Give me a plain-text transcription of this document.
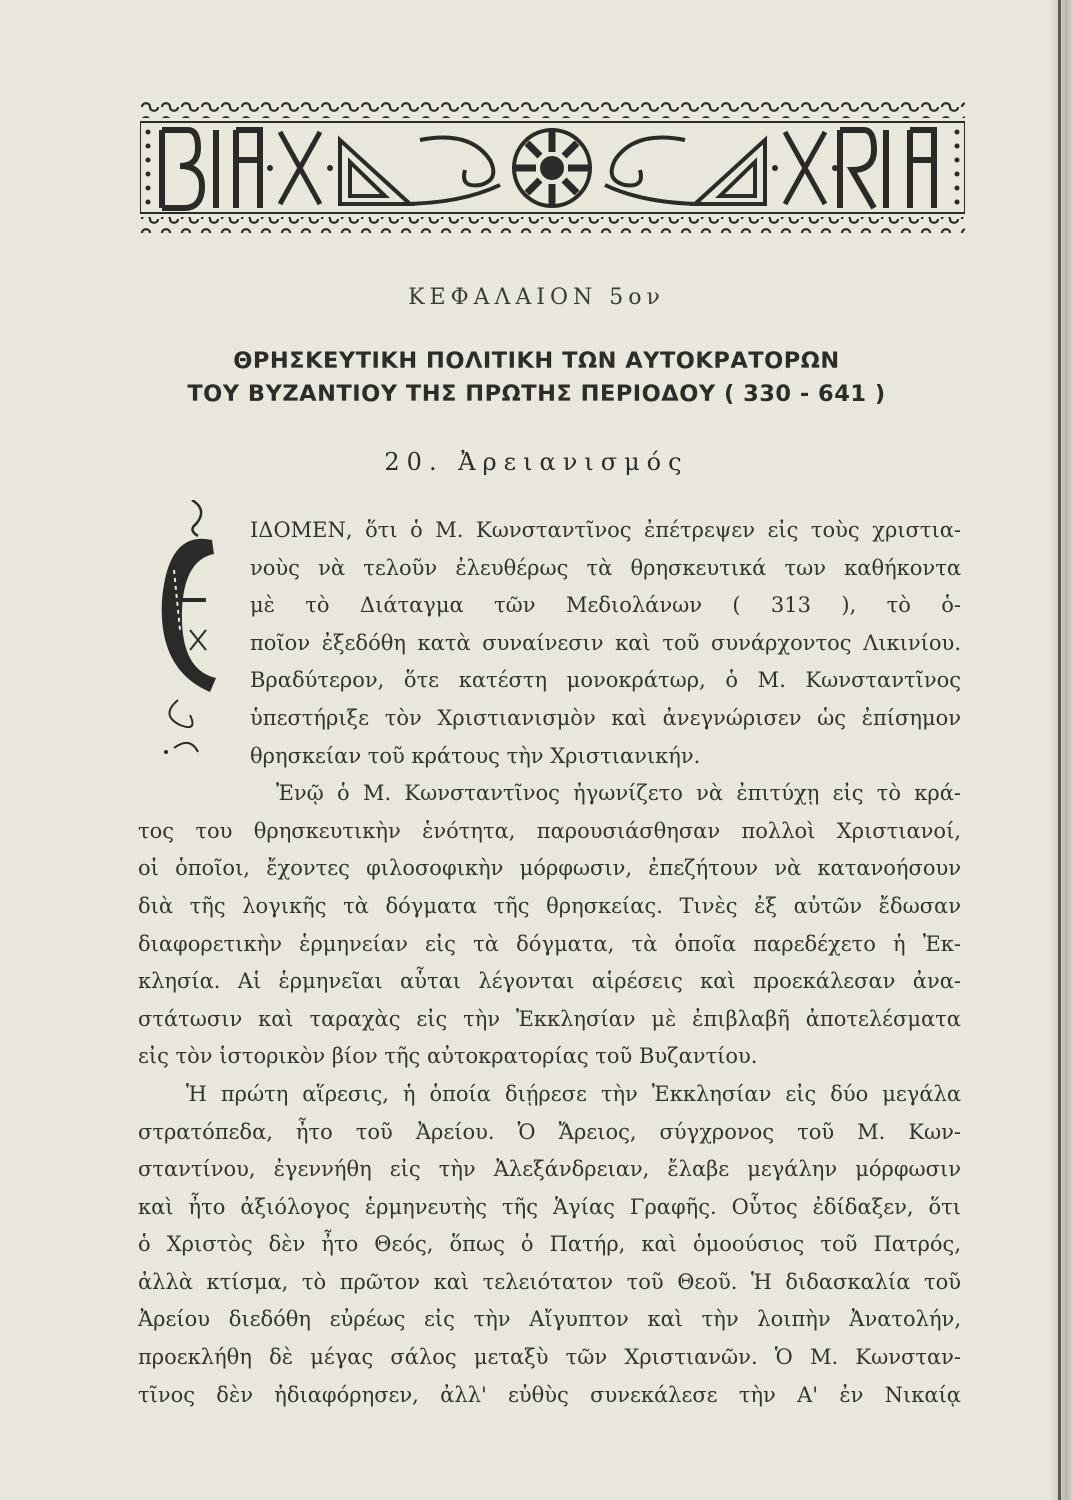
ΚΕΦΑΛΑΙΟΝ 5ον
ΘΡΗΣΚΕΥΤΙΚΗ ΠΟΛΙΤΙΚΗ ΤΩΝ ΑΥΤΟΚΡΑΤΟΡΩΝ
ΤΟΥ ΒΥΖΑΝΤΙΟΥ ΤΗΣ ΠΡΩΤΗΣ ΠΕΡΙΟΔΟΥ ( 330 - 641 )
20. Ἀρειανισμός
ΙΔΟΜΕΝ, ὅτι ὁ Μ. Κωνσταντῖνος ἐπέτρεψεν εἰς τοὺς χριστια-
νοὺς νὰ τελοῦν ἐλευθέρως τὰ θρησκευτικά των καθήκοντα
μὲ τὸ Διάταγμα τῶν Μεδιολάνων ( 313 ), τὸ ὁ-
ποῖον ἐξεδόθη κατὰ συναίνεσιν καὶ τοῦ συνάρχοντος Λικινίου.
Βραδύτερον, ὅτε κατέστη μονοκράτωρ, ὁ Μ. Κωνσταντῖνος
ὑπεστήριξε τὸν Χριστιανισμὸν καὶ ἀνεγνώρισεν ὡς ἐπίσημον
θρησκείαν τοῦ κράτους τὴν Χριστιανικήν.
Ἐνῷ ὁ Μ. Κωνσταντῖνος ἠγωνίζετο νὰ ἐπιτύχῃ εἰς τὸ κρά-
τος του θρησκευτικὴν ἑνότητα, παρουσιάσθησαν πολλοὶ Χριστιανοί,
οἱ ὁποῖοι, ἔχοντες φιλοσοφικὴν μόρφωσιν, ἐπεζήτουν νὰ κατανοήσουν
διὰ τῆς λογικῆς τὰ δόγματα τῆς θρησκείας. Τινὲς ἐξ αὐτῶν ἔδωσαν
διαφορετικὴν ἑρμηνείαν εἰς τὰ δόγματα, τὰ ὁποῖα παρεδέχετο ἡ Ἐκ-
κλησία. Αἱ ἑρμηνεῖαι αὗται λέγονται αἱρέσεις καὶ προεκάλεσαν ἀνα-
στάτωσιν καὶ ταραχὰς εἰς τὴν Ἐκκλησίαν μὲ ἐπιβλαβῆ ἀποτελέσματα
εἰς τὸν ἱστορικὸν βίον τῆς αὐτοκρατορίας τοῦ Βυζαντίου.
Ἡ πρώτη αἵρεσις, ἡ ὁποία διῄρεσε τὴν Ἐκκλησίαν εἰς δύο μεγάλα
στρατόπεδα, ἦτο τοῦ Ἀρείου. Ὁ Ἄρειος, σύγχρονος τοῦ Μ. Κων-
σταντίνου, ἐγεννήθη εἰς τὴν Ἀλεξάνδρειαν, ἔλαβε μεγάλην μόρφωσιν
καὶ ἦτο ἀξιόλογος ἑρμηνευτὴς τῆς Ἁγίας Γραφῆς. Οὗτος ἐδίδαξεν, ὅτι
ὁ Χριστὸς δὲν ἦτο Θεός, ὅπως ὁ Πατήρ, καὶ ὁμοούσιος τοῦ Πατρός,
ἀλλὰ κτίσμα, τὸ πρῶτον καὶ τελειότατον τοῦ Θεοῦ. Ἡ διδασκαλία τοῦ
Ἀρείου διεδόθη εὐρέως εἰς τὴν Αἴγυπτον καὶ τὴν λοιπὴν Ἀνατολήν,
προεκλήθη δὲ μέγας σάλος μεταξὺ τῶν Χριστιανῶν. Ὁ Μ. Κωνσταν-
τῖνος δὲν ἠδιαφόρησεν, ἀλλ' εὐθὺς συνεκάλεσε τὴν Α' ἐν Νικαίᾳ
